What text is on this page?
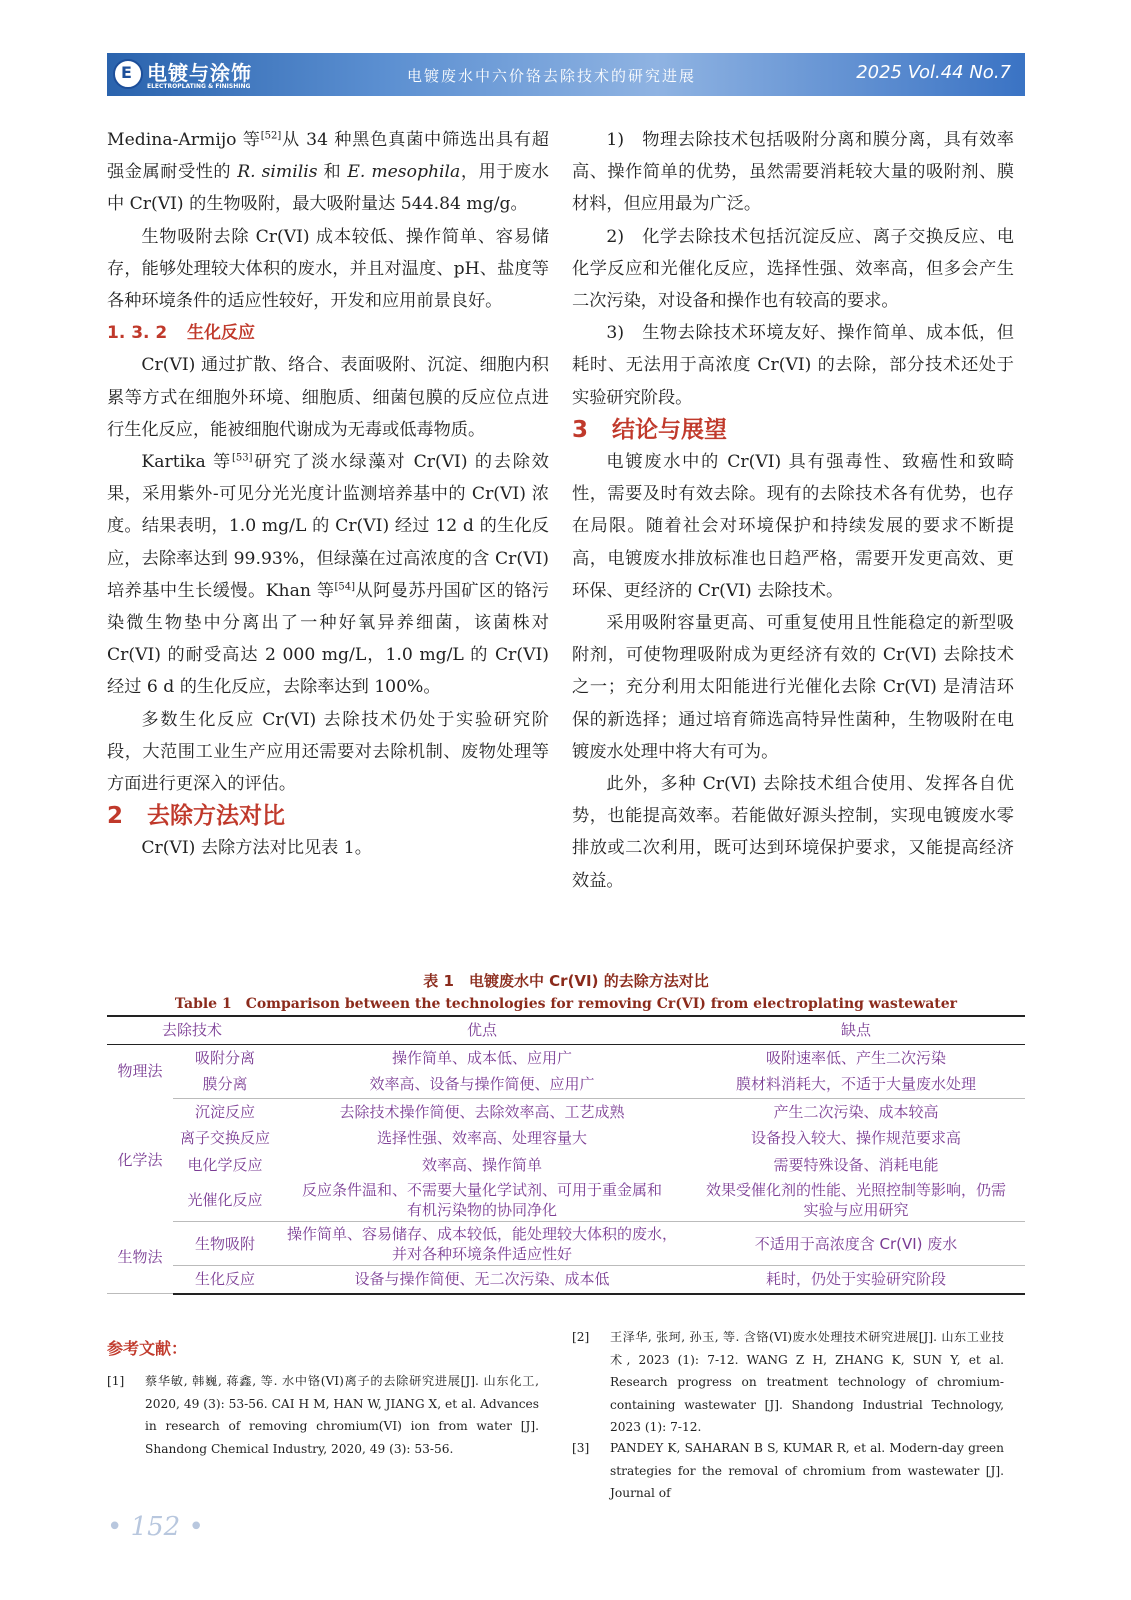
E
电镀与涂饰
ELECTROPLATING & FINISHING
电镀废水中六价铬去除技术的研究进展	2025 Vol.44 No.7

Medina-Armijo 等[52]从 34 种黑色真菌中筛选出具有超强金属耐受性的 R. similis 和 E. mesophila，用于废水中 Cr(VI) 的生物吸附，最大吸附量达 544.84 mg/g。

生物吸附去除 Cr(VI) 成本较低、操作简单、容易储存，能够处理较大体积的废水，并且对温度、pH、盐度等各种环境条件的适应性较好，开发和应用前景良好。

1. 3. 2 生化反应

Cr(VI) 通过扩散、络合、表面吸附、沉淀、细胞内积累等方式在细胞外环境、细胞质、细菌包膜的反应位点进行生化反应，能被细胞代谢成为无毒或低毒物质。

Kartika 等[53]研究了淡水绿藻对 Cr(VI) 的去除效果，采用紫外-可见分光光度计监测培养基中的 Cr(VI) 浓度。结果表明，1.0 mg/L 的 Cr(VI) 经过 12 d 的生化反应，去除率达到 99.93%，但绿藻在过高浓度的含 Cr(VI) 培养基中生长缓慢。Khan 等[54]从阿曼苏丹国矿区的铬污染微生物垫中分离出了一种好氧异养细菌，该菌株对 Cr(VI) 的耐受高达 2 000 mg/L，1.0 mg/L 的 Cr(VI) 经过 6 d 的生化反应，去除率达到 100%。

多数生化反应 Cr(VI) 去除技术仍处于实验研究阶段，大范围工业生产应用还需要对去除机制、废物处理等方面进行更深入的评估。

2 去除方法对比

Cr(VI) 去除方法对比见表 1。

1)　物理去除技术包括吸附分离和膜分离，具有效率高、操作简单的优势，虽然需要消耗较大量的吸附剂、膜材料，但应用最为广泛。

2)　化学去除技术包括沉淀反应、离子交换反应、电化学反应和光催化反应，选择性强、效率高，但多会产生二次污染，对设备和操作也有较高的要求。

3)　生物去除技术环境友好、操作简单、成本低，但耗时、无法用于高浓度 Cr(VI) 的去除，部分技术还处于实验研究阶段。

3 结论与展望

电镀废水中的 Cr(VI) 具有强毒性、致癌性和致畸性，需要及时有效去除。现有的去除技术各有优势，也存在局限。随着社会对环境保护和持续发展的要求不断提高，电镀废水排放标准也日趋严格，需要开发更高效、更环保、更经济的 Cr(VI) 去除技术。

采用吸附容量更高、可重复使用且性能稳定的新型吸附剂，可使物理吸附成为更经济有效的 Cr(VI) 去除技术之一；充分利用太阳能进行光催化去除 Cr(VI) 是清洁环保的新选择；通过培育筛选高特异性菌种，生物吸附在电镀废水处理中将大有可为。

此外，多种 Cr(VI) 去除技术组合使用、发挥各自优势，也能提高效率。若能做好源头控制，实现电镀废水零排放或二次利用，既可达到环境保护要求，又能提高经济效益。

表 1　电镀废水中 Cr(VI) 的去除方法对比
Table 1　Comparison between the technologies for removing Cr(VI) from electroplating wastewater
去除技术		优点	缺点
物理法	吸附分离	操作简单、成本低、应用广	吸附速率低、产生二次污染
	膜分离	效率高、设备与操作简便、应用广	膜材料消耗大，不适于大量废水处理
化学法	沉淀反应	去除技术操作简便、去除效率高、工艺成熟	产生二次污染、成本较高
	离子交换反应	选择性强、效率高、处理容量大	设备投入较大、操作规范要求高
	电化学反应	效率高、操作简单	需要特殊设备、消耗电能
	光催化反应	反应条件温和、不需要大量化学试剂、可用于重金属和有机污染物的协同净化	效果受催化剂的性能、光照控制等影响，仍需实验与应用研究
生物法	生物吸附	操作简单、容易储存、成本较低，能处理较大体积的废水，并对各种环境条件适应性好	不适用于高浓度含 Cr(VI) 废水
	生化反应	设备与操作简便、无二次污染、成本低	耗时，仍处于实验研究阶段
参考文献：
[1] 蔡华敏, 韩巍, 蒋鑫, 等. 水中铬(VI)离子的去除研究进展[J]. 山东化工, 2020, 49 (3): 53-56. CAI H M, HAN W, JIANG X, et al. Advances in research of removing chromium(VI) ion from water [J]. Shandong Chemical Industry, 2020, 49 (3): 53-56.
[2] 王泽华, 张珂, 孙玉, 等. 含铬(VI)废水处理技术研究进展[J]. 山东工业技术, 2023 (1): 7-12. WANG Z H, ZHANG K, SUN Y, et al. Research progress on treatment technology of chromium-containing wastewater [J]. Shandong Industrial Technology, 2023 (1): 7-12.
[3] PANDEY K, SAHARAN B S, KUMAR R, et al. Modern-day green strategies for the removal of chromium from wastewater [J]. Journal of
• 152 •
